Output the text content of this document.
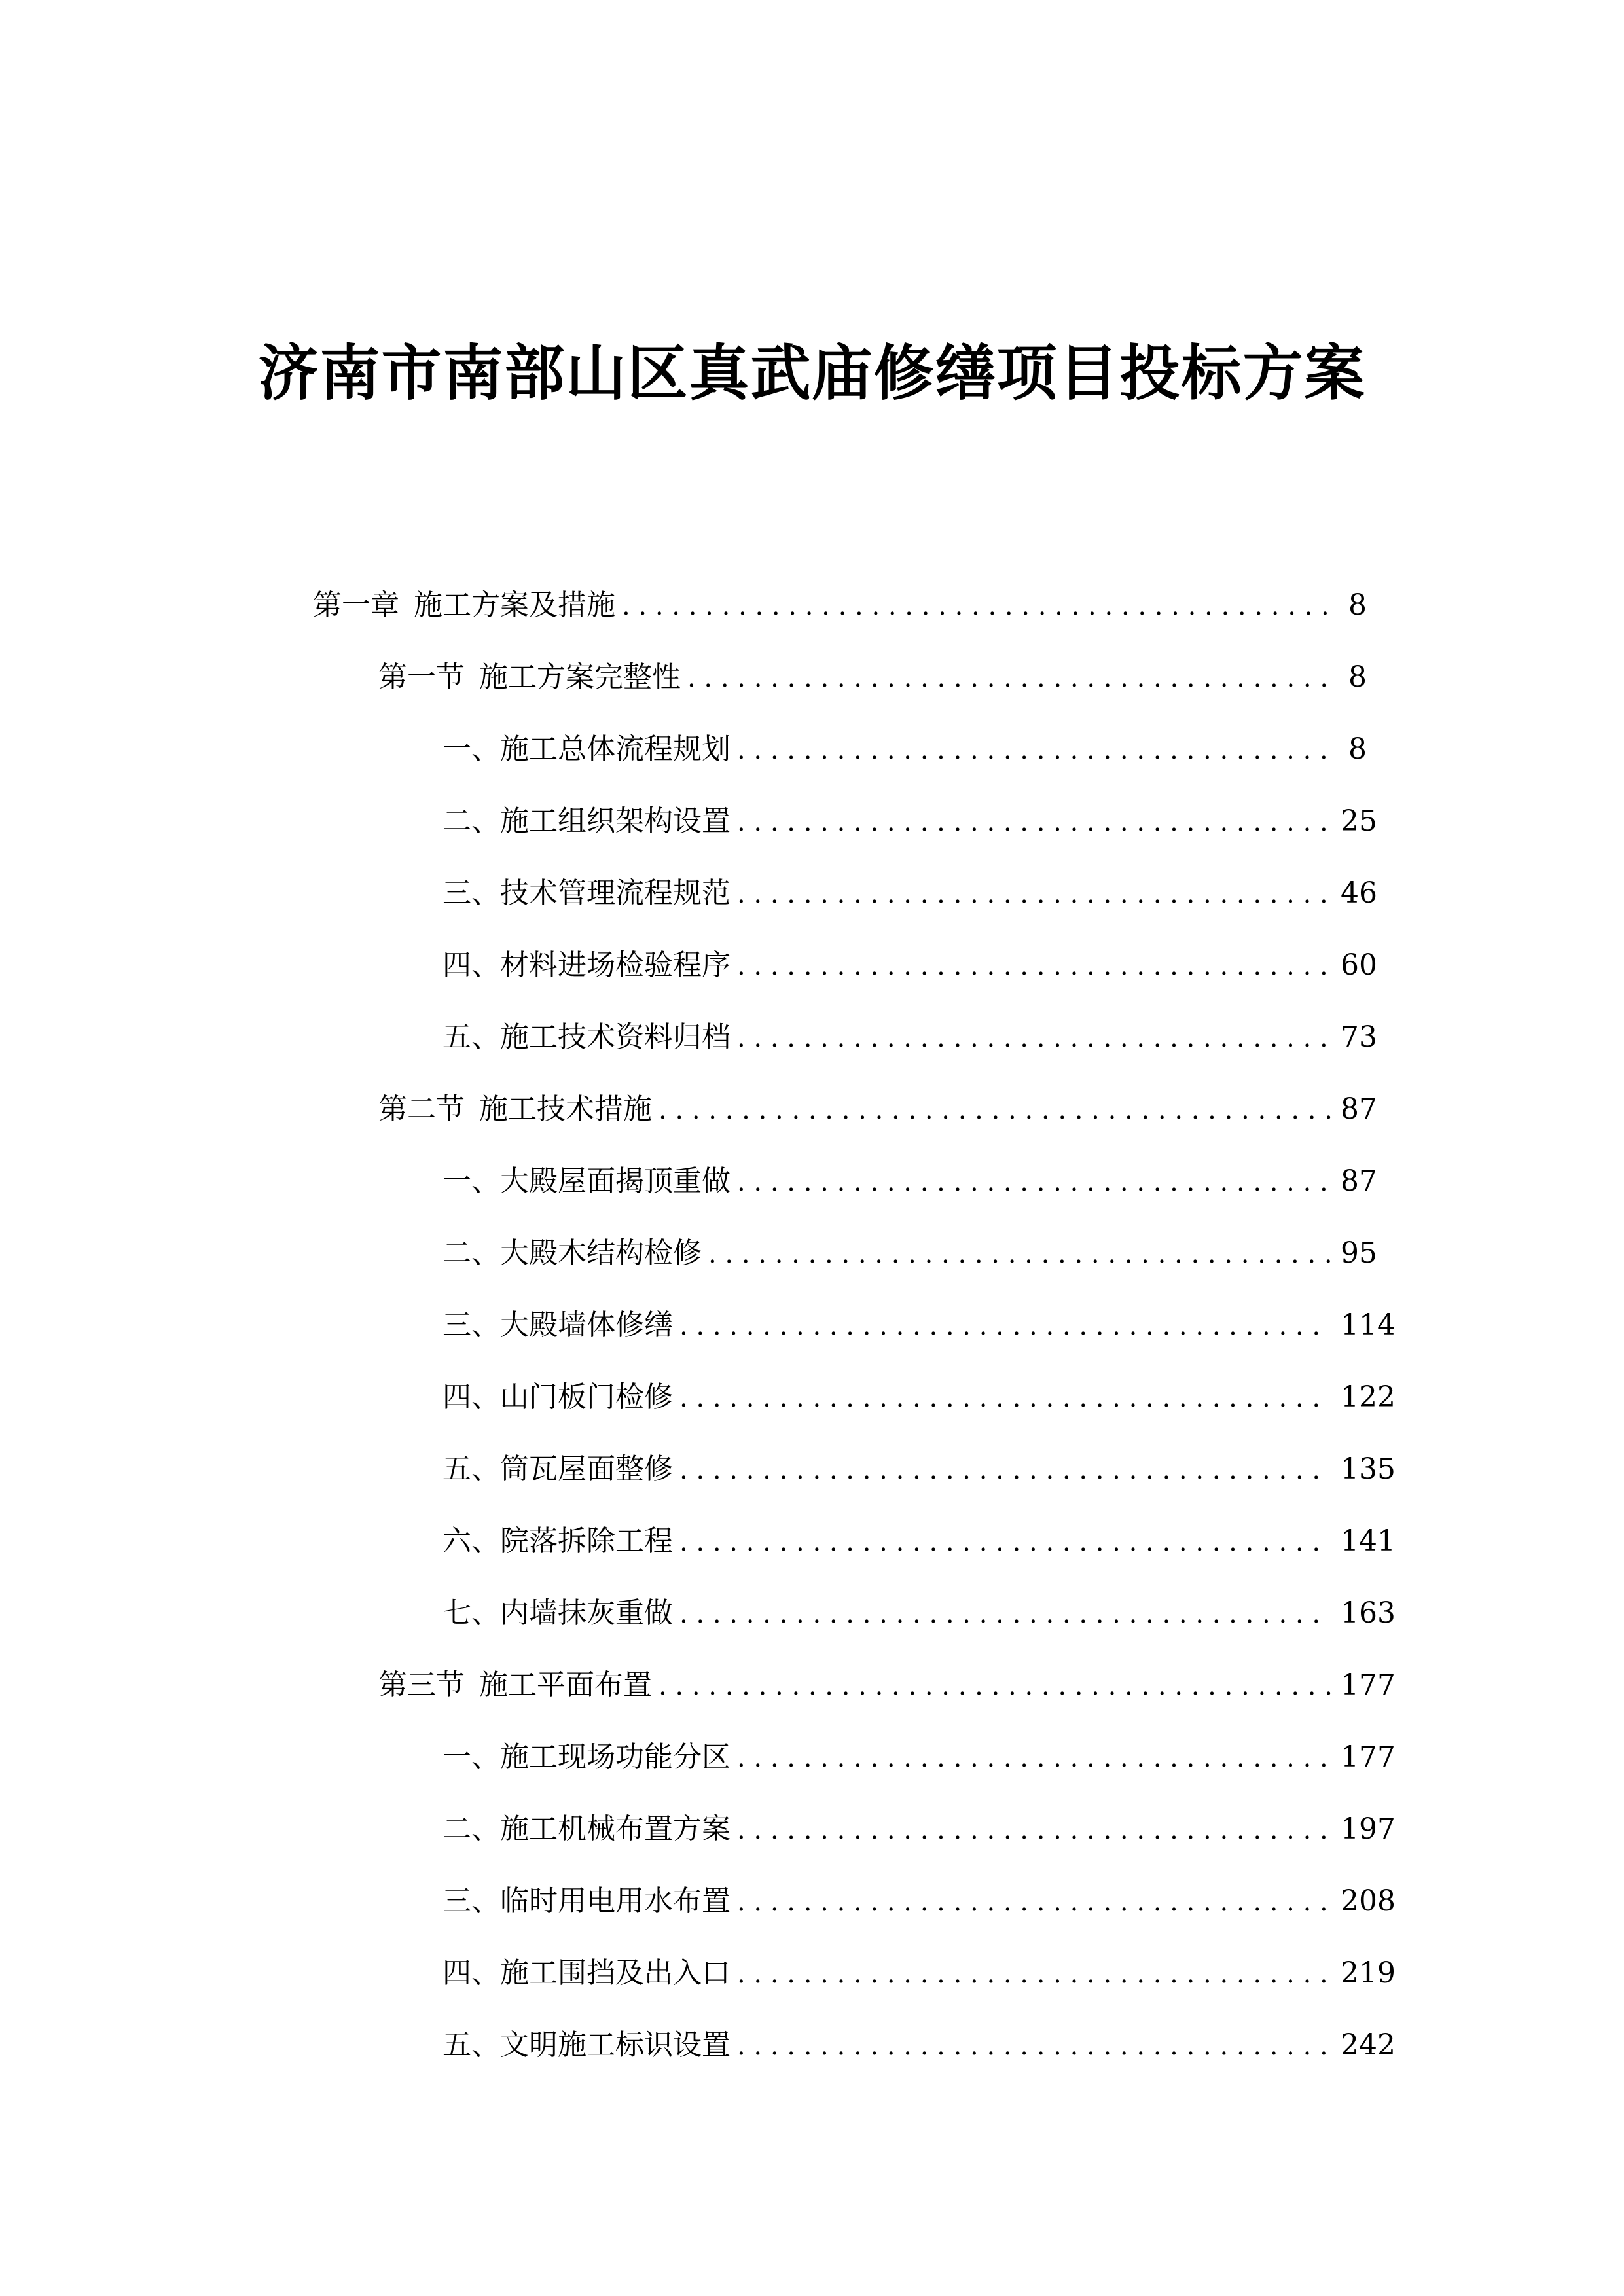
济南市南部山区真武庙修缮项目投标方案
第一章 施工方案及措施 . . .	8
第一节 施工方案完整性 . . .	8
一、 施工总体流程规划 . . .	8
二、 施工组织架构设置 . . .	25
三、 技术管理流程规范 . . .	46
四、 材料进场检验程序 . . .	60
五、 施工技术资料归档 . . .	73
第二节 施工技术措施 . . .	87
一、 大殿屋面揭顶重做 . . .	87
二、 大殿木结构检修 . . .	95
三、 大殿墙体修缮 . . .	114
四、 山门板门检修 . . .	122
五、 筒瓦屋面整修 . . .	135
六、 院落拆除工程 . . .	141
七、 内墙抹灰重做 . . .	163
第三节 施工平面布置 . . .	177
一、 施工现场功能分区 . . .	177
二、 施工机械布置方案 . . .	197
三、 临时用电用水布置 . . .	208
四、 施工围挡及出入口 . . .	219
五、 文明施工标识设置 . . .	242
